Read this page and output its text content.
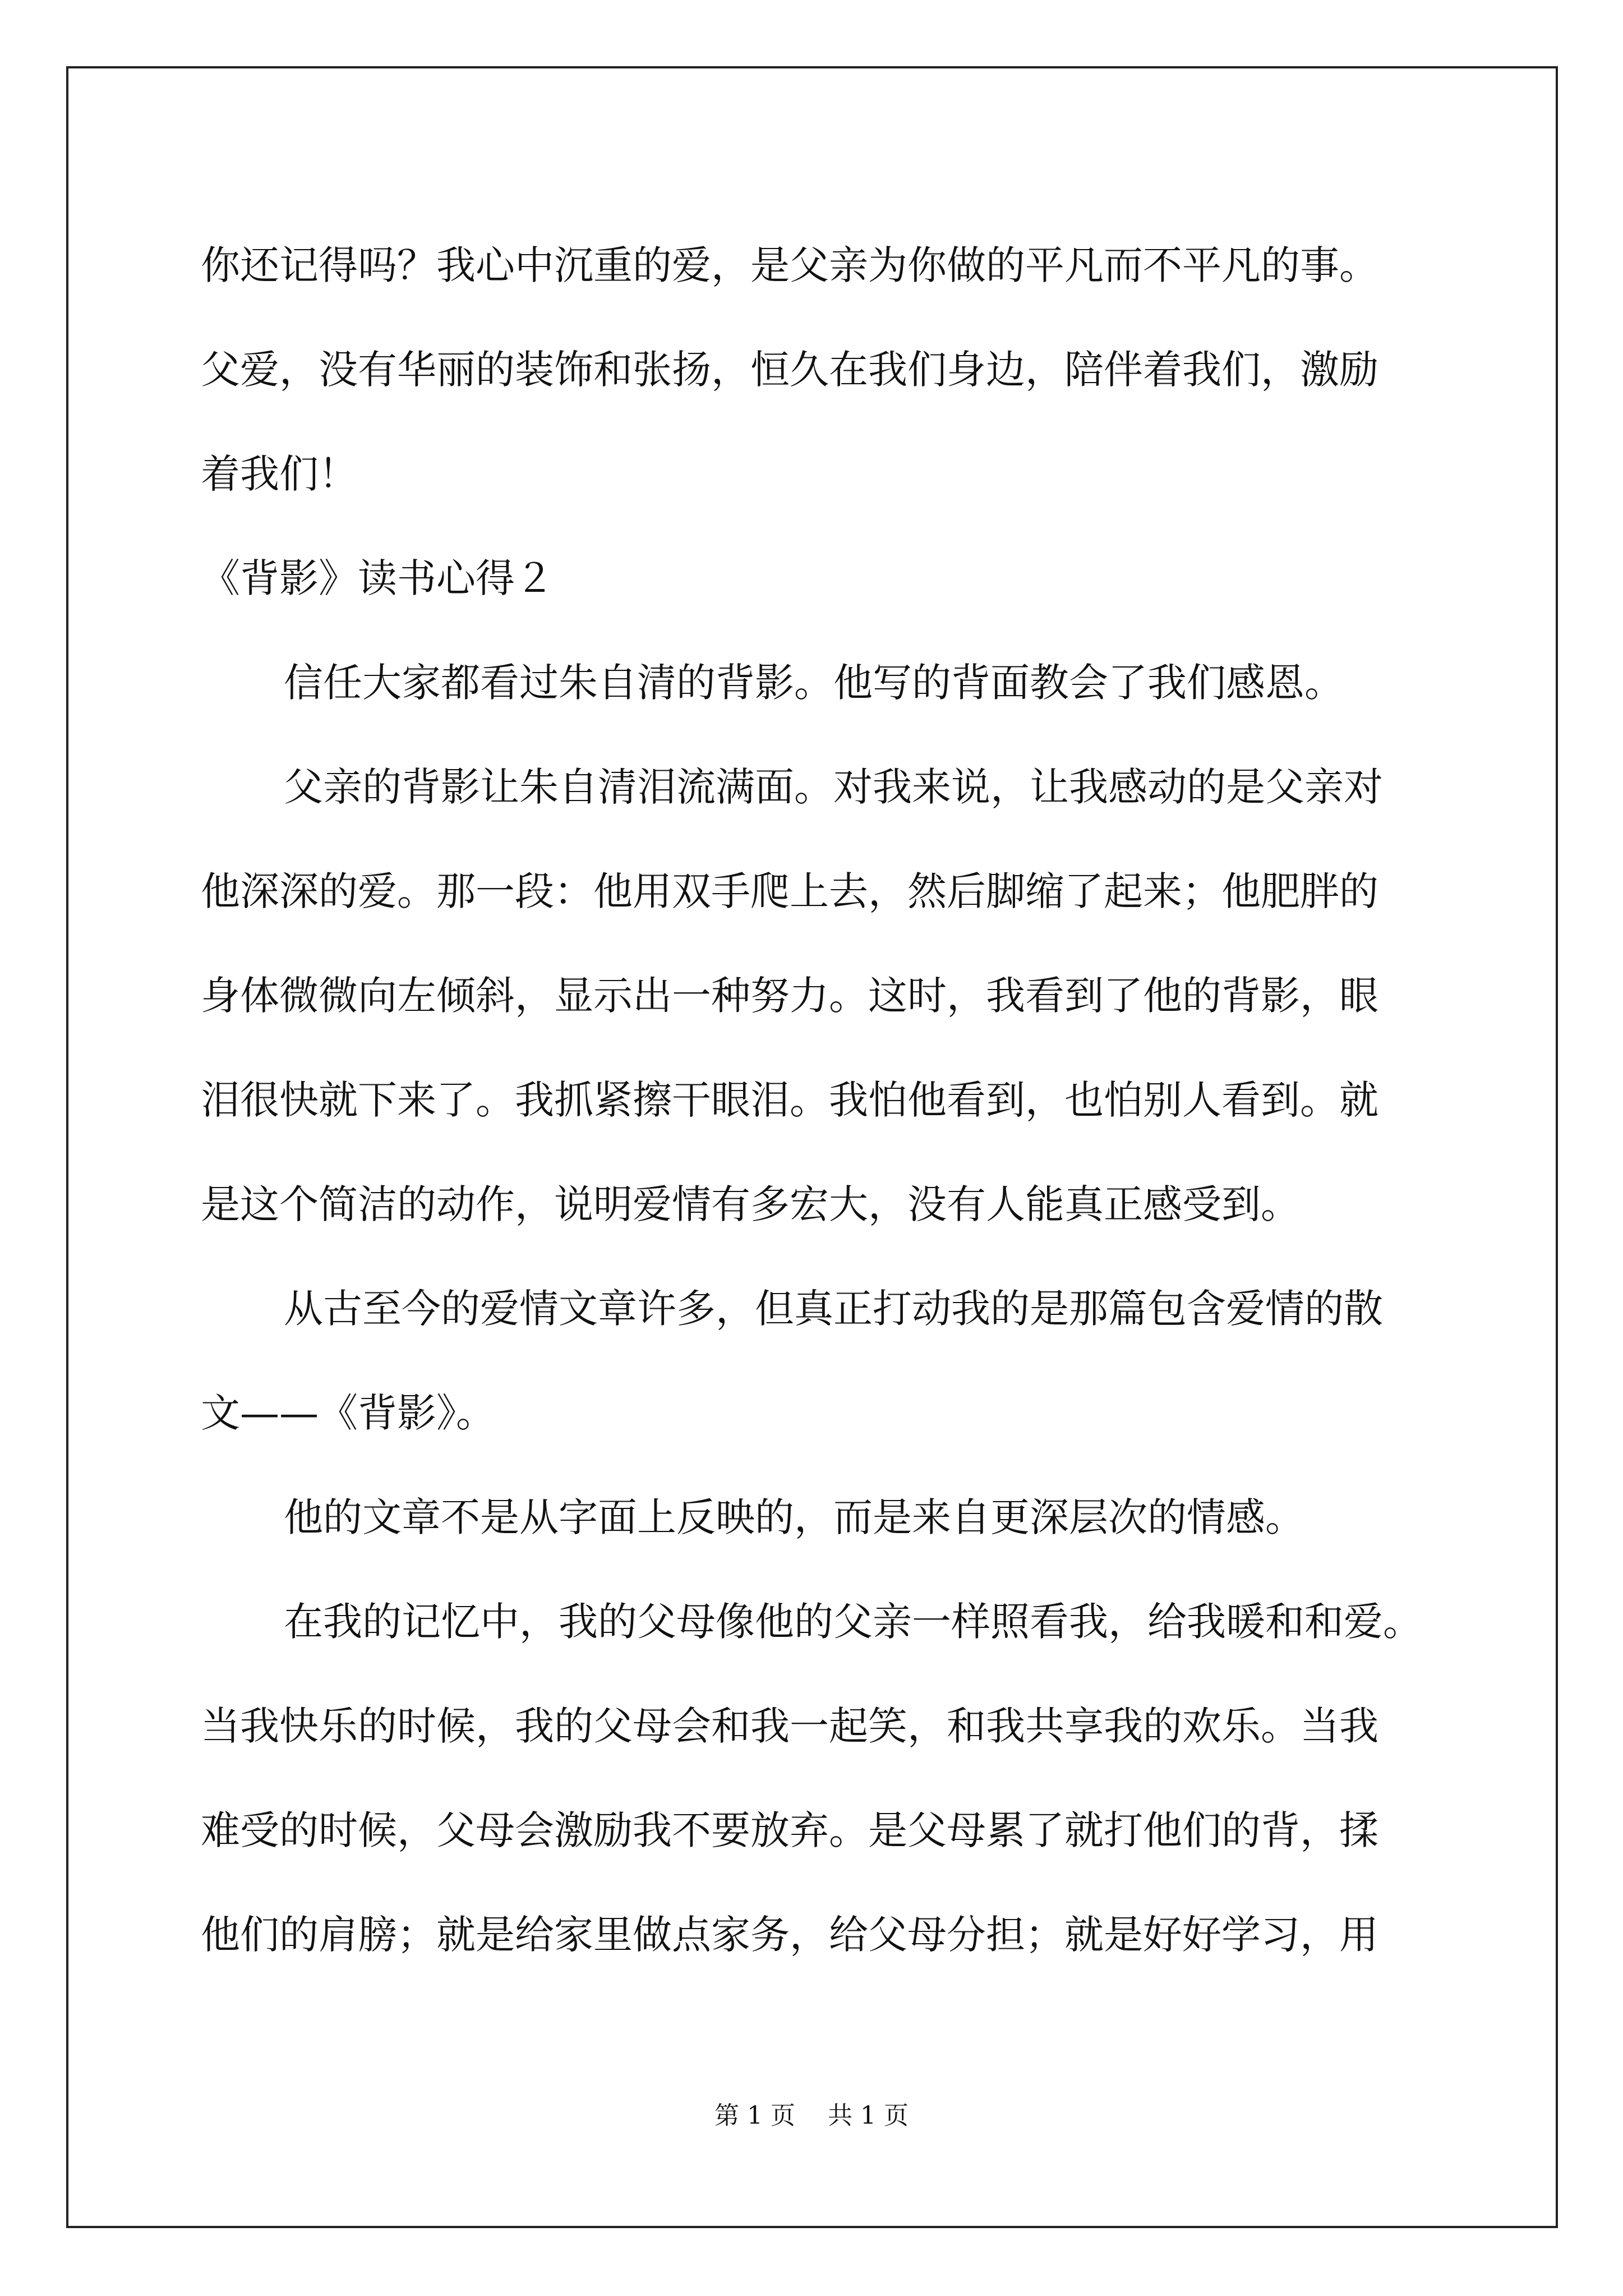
你还记得吗？我心中沉重的爱，是父亲为你做的平凡而不平凡的事。
父爱，没有华丽的装饰和张扬，恒久在我们身边，陪伴着我们，激励
着我们！
《背影》读书心得２
信任大家都看过朱自清的背影。他写的背面教会了我们感恩。
父亲的背影让朱自清泪流满面。对我来说，让我感动的是父亲对
他深深的爱。那一段：他用双手爬上去，然后脚缩了起来；他肥胖的
身体微微向左倾斜，显示出一种努力。这时，我看到了他的背影，眼
泪很快就下来了。我抓紧擦干眼泪。我怕他看到，也怕别人看到。就
是这个简洁的动作，说明爱情有多宏大，没有人能真正感受到。
从古至今的爱情文章许多，但真正打动我的是那篇包含爱情的散
文——《背影》。
他的文章不是从字面上反映的，而是来自更深层次的情感。
在我的记忆中，我的父母像他的父亲一样照看我，给我暖和和爱。
当我快乐的时候，我的父母会和我一起笑，和我共享我的欢乐。当我
难受的时候，父母会激励我不要放弃。是父母累了就打他们的背，揉
他们的肩膀；就是给家里做点家务，给父母分担；就是好好学习，用
第 1 页　 共 1 页
